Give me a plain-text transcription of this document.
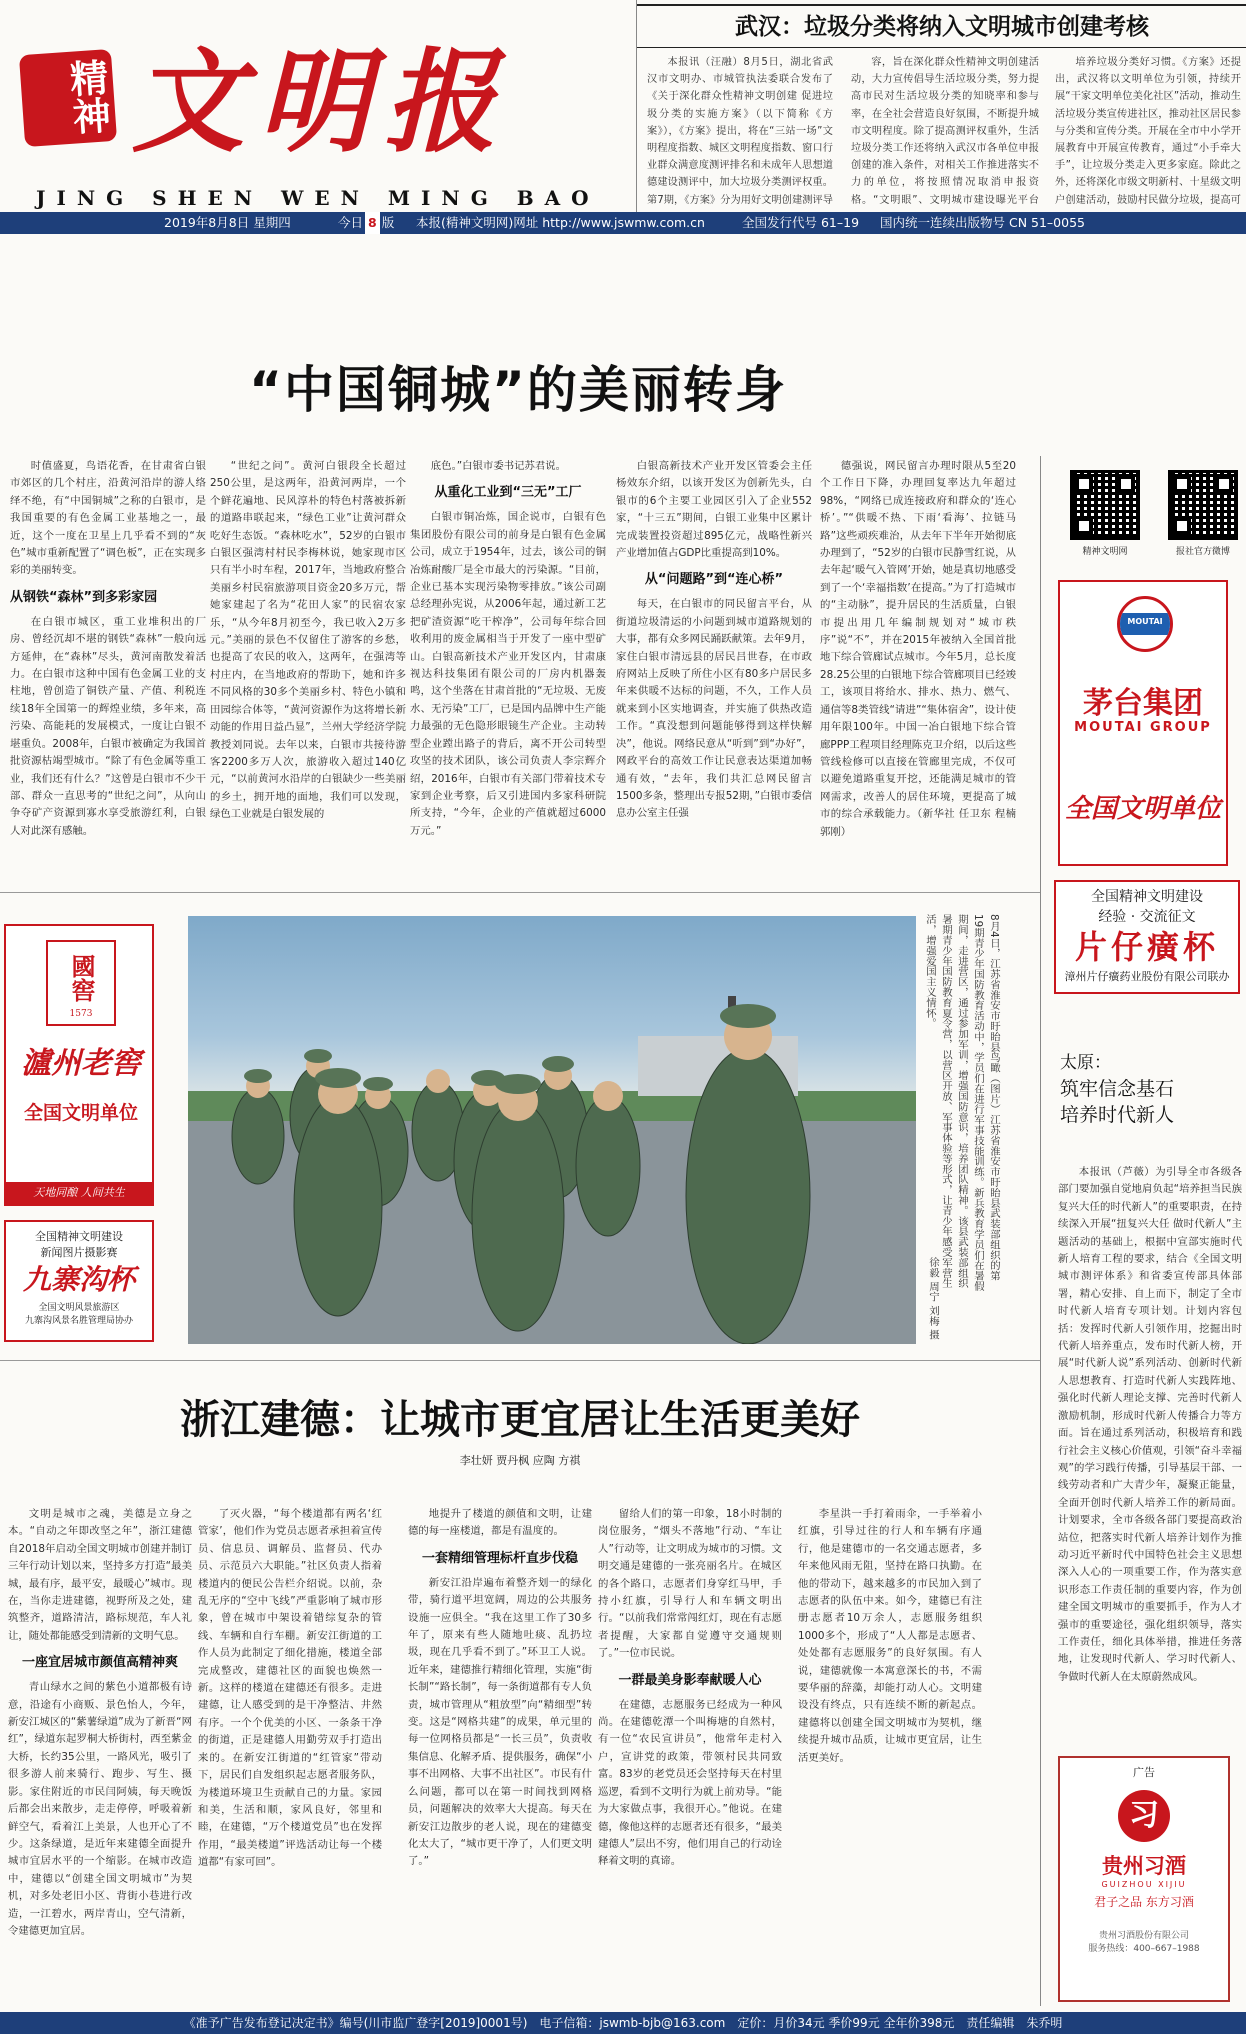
精神 文明报
JING SHEN WEN MING BAO
武汉：垃圾分类将纳入文明城市创建考核

本报讯（汪融）8月5日，湖北省武汉市文明办、市城管执法委联合发布了《关于深化群众性精神文明创建 促进垃圾分类的实施方案》（以下简称《方案》），《方案》提出，将在“三站一场”文明程度指数、城区文明程度指数、窗口行业群众满意度测评排名和未成年人思想道德建设测评中，加大垃圾分类测评权重。第7期，《方案》分为用好文明创建测评导

容，旨在深化群众性精神文明创建活动，大力宣传倡导生活垃圾分类，努力提高市民对生活垃圾分类的知晓率和参与率，在全社会营造良好氛围，不断提升城市文明程度。除了提高测评权重外，生活垃圾分类工作还将纳入武汉市各单位申报创建的准入条件，对相关工作推进落实不力的单位，将按照情况取消申报资格。“文明眼”、文明城市建设曝光平台

培养垃圾分类好习惯。《方案》还提出，武汉将以文明单位为引领，持续开展“干家文明单位美化社区”活动，推动生活垃圾分类宣传进社区，推动社区居民参与分类和宣传分类。开展在全市中小学开展教育中开展宣传教育，通过“小手牵大手”，让垃圾分类走入更多家庭。除此之外，还将深化市级文明新村、十星级文明户创建活动，鼓励村民做分垃圾，提高可

2019年8月8日 星期四	今日 8 版 本报(精神文明网)网址 http://www.jswmw.com.cn	全国发行代号 61–19 国内统一连续出版物号 CN 51–0055
“中国铜城”的美丽转身

时值盛夏，鸟语花香，在甘肃省白银市郊区的几个村庄，沿黄河沿岸的游人络绎不绝，有“中国铜城”之称的白银市，是我国重要的有色金属工业基地之一，最近，这个一度在卫星上几乎看不到的“灰色”城市重新配置了“调色板”，正在实现多彩的美丽转变。

从钢铁“森林”到多彩家园

在白银市城区，重工业堆积出的厂房、曾经沉却不堪的钢铁“森林”一般向远方延伸，在“森林”尽头，黄河南散发着活力。在白银市这种中国有色金属工业的支柱地，曾创造了铜铁产量、产值、利税连续18年全国第一的辉煌业绩，多年来，高污染、高能耗的发展模式，一度让白银不堪重负。2008年，白银市被确定为我国首批资源枯竭型城市。“除了有色金属等重工业，我们还有什么？”这曾是白银市不少干部、群众一直思考的“世纪之问”，从向山争夺矿产资源到寡水享受旅游红利，白银人对此深有感触。

“世纪之问”。黄河白银段全长超过250公里，是这两年，沿黄河两岸，一个个鲜花遍地、民风淳朴的特色村落被拆新的道路串联起来，“绿色工业”让黄河群众吃好生态饭。“森林吃水”，52岁的白银市白银区强湾村村民李梅林说，她家现市区只有半小时车程，2017年，当地政府整合美丽乡村民宿旅游项目资金20多万元，帮她家建起了名为“花田人家”的民宿农家乐，“从今年8月初至今，我已收入2万多元。”美丽的景色不仅留住了游客的乡愁，也提高了农民的收入，这两年，在强湾等村庄内，在当地政府的帮助下，她和许多不同风格的30多个美丽乡村、特色小镇和田园综合体等，“黄河资源作为这将增长新动能的作用日益凸显”，兰州大学经济学院教授刘同说。去年以来，白银市共接待游客2200多万人次，旅游收入超过140亿元，“以前黄河水沿岸的白银缺少一些美丽的乡土，拥开地的面地，我们可以发现，绿色工业就是白银发展的

底色。”白银市委书记苏君说。

从重化工业到“三无”工厂

白银市铜冶炼，国企说市，白银有色集团股份有限公司的前身是白银有色金属公司，成立于1954年，过去，该公司的铜冶炼耐酸厂是全市最大的污染源。“目前，企业已基本实现污染物零排放。”该公司副总经理孙宪说，从2006年起，通过新工艺把矿渣资源“吃干榨净”，公司每年综合回收利用的废金属相当于开发了一座中型矿山。白银高新技术产业开发区内，甘肃康视达科技集团有限公司的厂房内机器轰鸣，这个坐落在甘肃首批的“无垃圾、无废水、无污染”工厂，已是国内品牌中生产能力最强的无色隐形眼镜生产企业。主动转型企业蹚出路子的背后，离不开公司转型攻坚的技术团队，该公司负责人李宗辉介绍，2016年，白银市有关部门带着技术专家到企业考察，后又引进国内多家科研院所支持，“今年，企业的产值就超过6000万元。”

白银高新技术产业开发区管委会主任杨效东介绍，以该开发区为创新先头，白银市的6个主要工业园区引入了企业552家，“十三五”期间，白银工业集中区累计完成装置投资超过895亿元，战略性新兴产业增加值占GDP比重提高到10%。

从“问题路”到“连心桥”

每天，在白银市的同民留言平台，从街道垃圾清运的小问题到城市道路规划的大事，都有众多网民踊跃献策。去年9月，家住白银市清远县的居民吕世春，在市政府网站上反映了所住小区有80多户居民多年来供暖不达标的问题，不久，工作人员就来到小区实地调查，并实施了供热改造工作。“真没想到问题能够得到这样快解决”，他说。网络民意从“听到”到“办好”，网政平台的高效工作让民意表达渠道加畅通有效，“去年，我们共汇总网民留言1500多条，整理出专报52期，”白银市委信息办公室主任强

德强说，网民留言办理时限从5至20个工作日下降，办理回复率达九年超过98%，“网络已成连接政府和群众的‘连心桥’。”“供暖不热、下雨‘看海’、拉链马路”这些顽疾难治，从去年下半年开始彻底办理到了，“52岁的白银市民静雪红说，从去年起‘暖气入管网’开始，她是真切地感受到了一个‘幸福指数’在提高。”为了打造城市的“主动脉”，提升居民的生活质量，白银市提出用几年编制规划对“城市秩序”说“不”，并在2015年被纳入全国首批地下综合管廊试点城市。今年5月，总长度28.25公里的白银地下综合管廊项目已经竣工，该项目将给水、排水、热力、燃气、通信等8类管线“请进”“集体宿舍”，设计使用年限100年。中国一冶白银地下综合管廊PPP工程项目经理陈克卫介绍，以后这些管线检修可以直接在管廊里完成，不仅可以避免道路重复开挖，还能满足城市的管网需求，改善人的居住环境，更提高了城市的综合承载能力。（新华社 任卫东 程楠 郭刚）

8月4日，江苏省淮安市盱眙县鸟瞰（图片）江苏省淮安市盱眙县武装部组织的第19期青少年国防教育活动中，学员们在进行军事技能训练。新兵教育学员们在暑假期间，走进营区，通过参加军训，增强国防意识，培养团队精神。该县武装部组织暑期青少年国防教育夏令营，以营区开放、军事体验等形式，让青少年感受军营生活，增强爱国主义情怀。
徐毅 周宁 刘梅 摄
國窖
1573
瀘州老窖
全国文明单位
天地同酿 人间共生
全国精神文明建设
新闻图片摄影赛
九寨沟杯
全国文明风景旅游区
九寨沟风景名胜管理局协办
浙江建德：让城市更宜居让生活更美好
李壮妍 贾丹枫 应陶 方祺

文明是城市之魂，美德是立身之本。“自动之年即改坚之年”，浙江建德自2018年启动全国文明城市创建并制订三年行动计划以来，坚持多方打造“最美城，最有序，最平安，最暖心”城市。现在，当你走进建德，视野所及之处，建筑整齐，道路清洁，路标规范，车人礼让，随处都能感受到清新的文明气息。

一座宜居城市颜值高精神爽

青山绿水之间的紫色小道都极有诗意，沿途有小商贩、景色怡人，今年，新安江城区的“紫薯绿道”成为了新晋“网红”，绿道东起罗桐大桥街村，西至紫金大桥，长约35公里，一路风光，吸引了很多游人前来骑行、跑步、写生、摄影。家住附近的市民闫阿姨，每天晚饭后都会出来散步，走走停停，呼吸着新鲜空气，看着江上美景，人也开心了不少。这条绿道，是近年来建德全面提升城市宜居水平的一个缩影。在城市改造中，建德以“创建全国文明城市”为契机，对多处老旧小区、背街小巷进行改造，一江碧水，两岸青山，空气清新，令建德更加宜居。

了灭火器，“每个楼道都有两名‘红管家’，他们作为党员志愿者承担着宣传员、信息员、调解员、监督员、代办员、示范员六大职能。”社区负责人指着楼道内的便民公告栏介绍说。以前，杂乱无序的“空中飞线”严重影响了城市形象，曾在城市中架设着错综复杂的管线、车辆和自行车棚。新安江街道的工作人员为此制定了细化措施，楼道全部完成整改，建德社区的面貌也焕然一新。这样的楼道在建德还有很多。走进建德，让人感受到的是干净整洁、井然有序。一个个优美的小区、一条条干净的街道，正是建德人用勤劳双手打造出来的。在新安江街道的“红管家”带动下，居民们自发组织起志愿者服务队，为楼道环境卫生贡献自己的力量。家园和美，生活和顺，家风良好，邻里和睦，在建德，“万个楼道党员”也在发挥作用，“最美楼道”评选活动让每一个楼道都“有家可回”。

地提升了楼道的颜值和文明，让建德的每一座楼道，都是有温度的。

一套精细管理标杆直步伐稳

新安江沿岸遍布着整齐划一的绿化带，骑行道平坦宽阔，周边的公共服务设施一应俱全。“我在这里工作了30多年了，原来有些人随地吐痰、乱扔垃圾，现在几乎看不到了。”环卫工人说。近年来，建德推行精细化管理，实施“街长制”“路长制”，每一条街道都有专人负责，城市管理从“粗放型”向“精细型”转变。这是“网格共建”的成果，单元里的每一位网格员都是“一长三员”，负责收集信息、化解矛盾、提供服务，确保“小事不出网格、大事不出社区”。市民有什么问题，都可以在第一时间找到网格员，问题解决的效率大大提高。每天在新安江边散步的老人说，现在的建德变化太大了，“城市更干净了，人们更文明了。”

留给人们的第一印象，18小时制的岗位服务，“烟头不落地”行动、“车让人”行动等，让文明成为城市的习惯。文明交通是建德的一张亮丽名片。在城区的各个路口，志愿者们身穿红马甲，手持小红旗，引导行人和车辆文明出行。“以前我们常常闯红灯，现在有志愿者提醒，大家都自觉遵守交通规则了。”一位市民说。

一群最美身影奉献暖人心

在建德，志愿服务已经成为一种风尚。在建德乾潭一个叫梅塘的自然村，有一位“农民宣讲员”，他常年走村入户，宣讲党的政策，带领村民共同致富。83岁的老党员还会坚持每天在村里巡逻，看到不文明行为就上前劝导。“能为大家做点事，我很开心。”他说。在建德，像他这样的志愿者还有很多，“最美建德人”层出不穷，他们用自己的行动诠释着文明的真谛。

李星洪一手打着雨伞，一手举着小红旗，引导过往的行人和车辆有序通行，他是建德市的一名交通志愿者，多年来他风雨无阻，坚持在路口执勤。在他的带动下，越来越多的市民加入到了志愿者的队伍中来。如今，建德已有注册志愿者10万余人，志愿服务组织1000多个，形成了“人人都是志愿者、处处都有志愿服务”的良好氛围。有人说，建德就像一本寓意深长的书，不需要华丽的辞藻，却能打动人心。文明建设没有终点，只有连续不断的新起点。建德将以创建全国文明城市为契机，继续提升城市品质，让城市更宜居，让生活更美好。

精神文明网	报社官方微博
MOUTAI
茅台集团
MOUTAI GROUP
全国文明单位
全国精神文明建设
经验 · 交流征文
片仔癀杯
漳州片仔癀药业股份有限公司联办
太原：
筑牢信念基石
培养时代新人

本报讯（芦薇）为引导全市各级各部门要加强自觉地肩负起“培养担当民族复兴大任的时代新人”的重要职责，在持续深入开展“扭复兴大任 做时代新人”主题活动的基础上，根据中宣部实施时代新人培育工程的要求，结合《全国文明城市测评体系》和省委宣传部具体部署，精心安排、自上而下，制定了全市时代新人培育专项计划。计划内容包括：发挥时代新人引领作用，挖掘出时代新人培养重点，发布时代新人榜，开展“时代新人说”系列活动、创新时代新人思想教育、打造时代新人实践阵地、强化时代新人理论支撑、完善时代新人激励机制，形成时代新人传播合力等方面。旨在通过系列活动，积极培育和践行社会主义核心价值观，引领“奋斗幸福观”的学习践行传播，引导基层干部、一线劳动者和广大青少年，凝聚正能量，全面开创时代新人培养工作的新局面。计划要求，全市各级各部门要提高政治站位，把落实时代新人培养计划作为推动习近平新时代中国特色社会主义思想深入人心的一项重要工作，作为落实意识形态工作责任制的重要内容，作为创建全国文明城市的重要抓手，作为人才强市的重要途径，强化组织领导，落实工作责任，细化具体举措，推进任务落地，让发现时代新人、学习时代新人、争做时代新人在太原蔚然成风。

广告
习
贵州习酒
GUIZHOU XIJIU
君子之品 东方习酒
贵州习酒股份有限公司
服务热线：400–667–1988
《准予广告发布登记决定书》编号(川市监广登字[2019]0001号)　电子信箱：jswmb-bjb@163.com　定价：月价34元 季价99元 全年价398元　责任编辑　朱乔明
